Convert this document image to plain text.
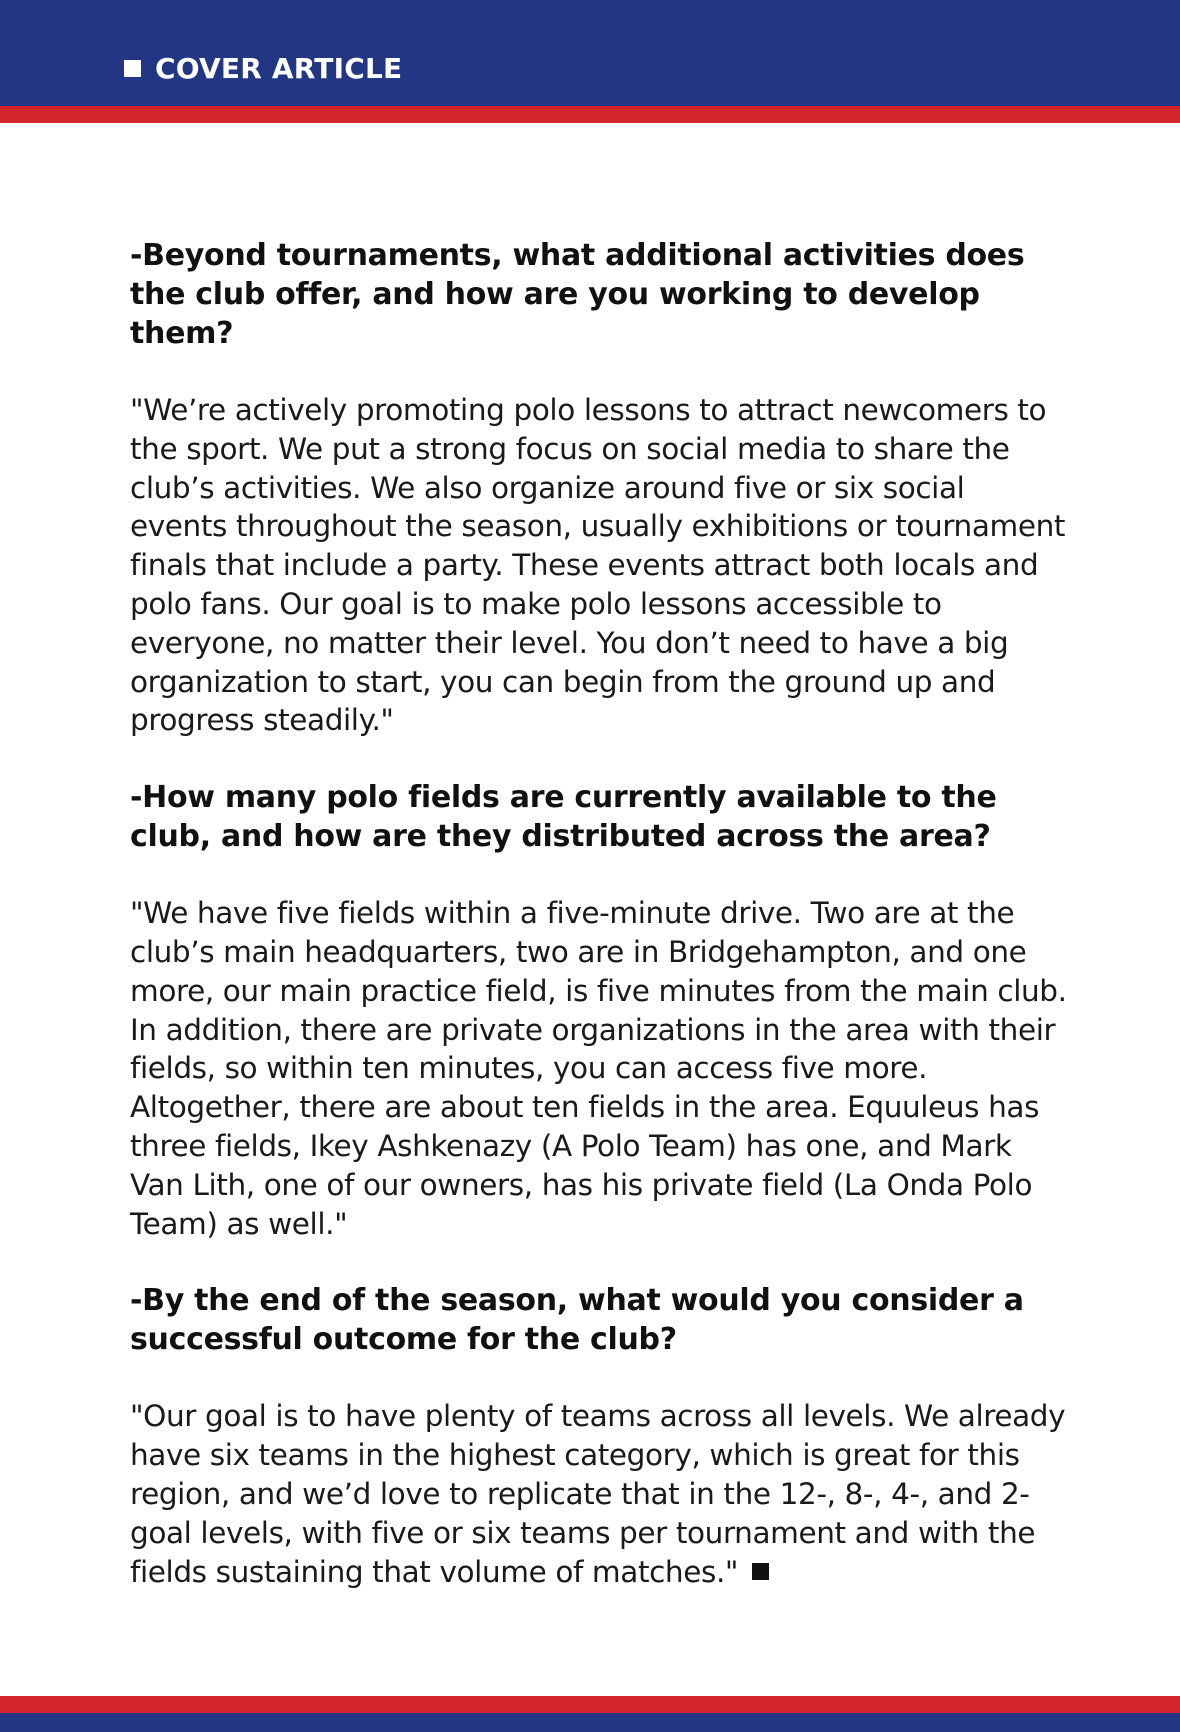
COVER ARTICLE

-Beyond tournaments, what additional activities does the club offer, and how are you working to develop them?

"We’re actively promoting polo lessons to attract newcomers to the sport. We put a strong focus on social media to share the club’s activities. We also organize around five or six social events throughout the season, usually exhibitions or tournament finals that include a party. These events attract both locals and polo fans. Our goal is to make polo lessons accessible to everyone, no matter their level. You don’t need to have a big organization to start, you can begin from the ground up and progress steadily."

-How many polo fields are currently available to the club, and how are they distributed across the area?

"We have five fields within a five-minute drive. Two are at the club’s main headquarters, two are in Bridgehampton, and one more, our main practice field, is five minutes from the main club. In addition, there are private organizations in the area with their fields, so within ten minutes, you can access five more. Altogether, there are about ten fields in the area. Equuleus has three fields, Ikey Ashkenazy (A Polo Team) has one, and Mark Van Lith, one of our owners, has his private field (La Onda Polo Team) as well."

-By the end of the season, what would you consider a successful outcome for the club?

"Our goal is to have plenty of teams across all levels. We already have six teams in the highest category, which is great for this region, and we’d love to replicate that in the 12-, 8-, 4-, and 2-goal levels, with five or six teams per tournament and with the fields sustaining that volume of matches."
